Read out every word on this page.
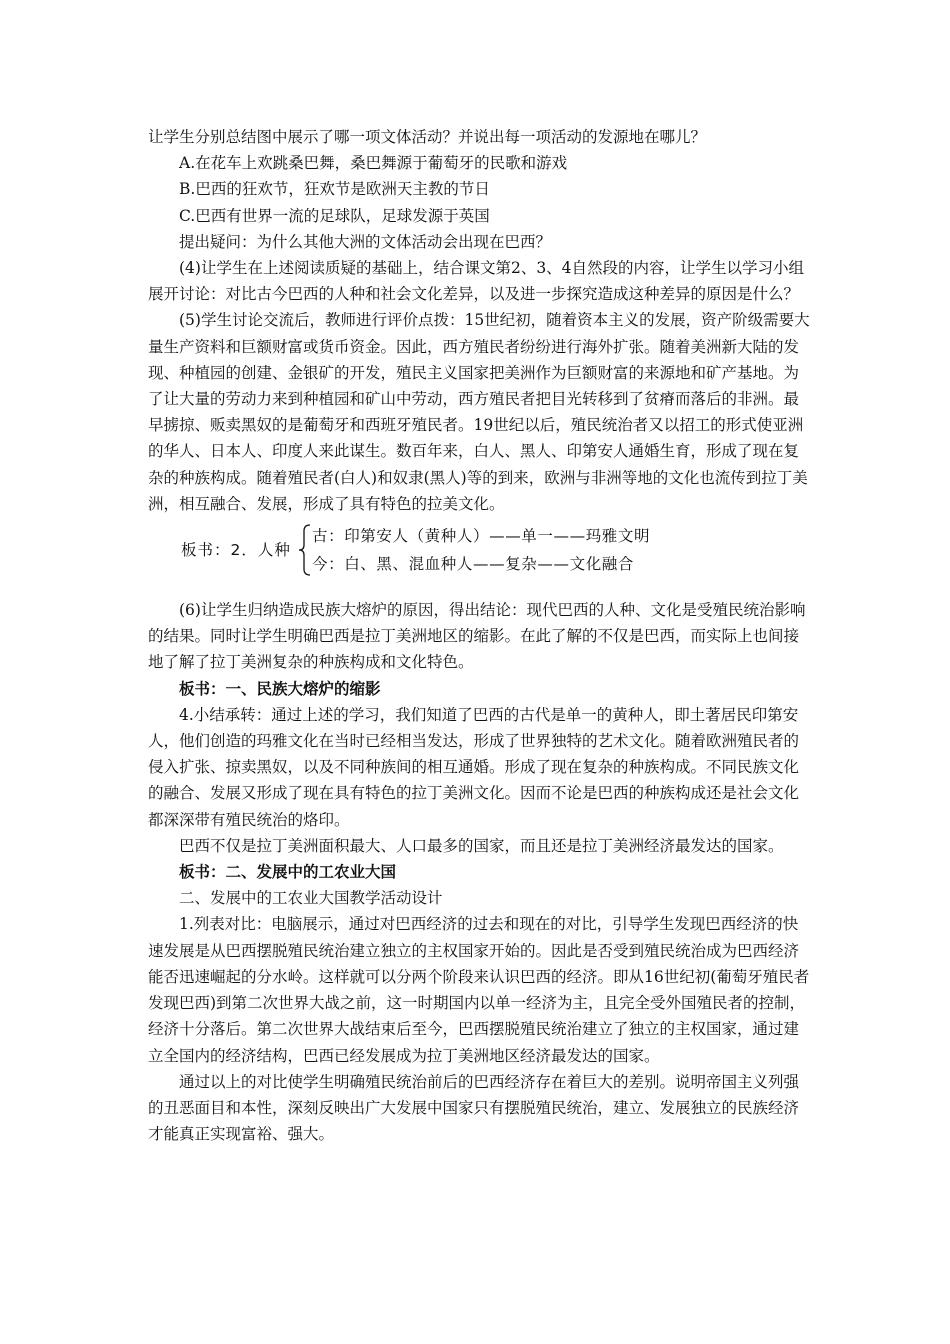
让学生分别总结图中展示了哪一项文体活动？并说出每一项活动的发源地在哪儿？

A.在花车上欢跳桑巴舞，桑巴舞源于葡萄牙的民歌和游戏

B.巴西的狂欢节，狂欢节是欧洲天主教的节日

C.巴西有世界一流的足球队，足球发源于英国

提出疑问：为什么其他大洲的文体活动会出现在巴西？

(4)让学生在上述阅读质疑的基础上，结合课文第2、3、4自然段的内容，让学生以学习小组展开讨论：对比古今巴西的人种和社会文化差异，以及进一步探究造成这种差异的原因是什么？

(5)学生讨论交流后，教师进行评价点拨：15世纪初，随着资本主义的发展，资产阶级需要大量生产资料和巨额财富或货币资金。因此，西方殖民者纷纷进行海外扩张。随着美洲新大陆的发现、种植园的创建、金银矿的开发，殖民主义国家把美洲作为巨额财富的来源地和矿产基地。为了让大量的劳动力来到种植园和矿山中劳动，西方殖民者把目光转移到了贫瘠而落后的非洲。最早掳掠、贩卖黑奴的是葡萄牙和西班牙殖民者。19世纪以后，殖民统治者又以招工的形式使亚洲的华人、日本人、印度人来此谋生。数百年来，白人、黑人、印第安人通婚生育，形成了现在复杂的种族构成。随着殖民者(白人)和奴隶(黑人)等的到来，欧洲与非洲等地的文化也流传到拉丁美洲，相互融合、发展，形成了具有特色的拉美文化。

板书：2．人种
古：印第安人（黄种人）——单一——玛雅文明
今：白、黑、混血种人——复杂——文化融合

(6)让学生归纳造成民族大熔炉的原因，得出结论：现代巴西的人种、文化是受殖民统治影响的结果。同时让学生明确巴西是拉丁美洲地区的缩影。在此了解的不仅是巴西，而实际上也间接地了解了拉丁美洲复杂的种族构成和文化特色。

板书：一、民族大熔炉的缩影

4.小结承转：通过上述的学习，我们知道了巴西的古代是单一的黄种人，即土著居民印第安人，他们创造的玛雅文化在当时已经相当发达，形成了世界独特的艺术文化。随着欧洲殖民者的侵入扩张、掠卖黑奴，以及不同种族间的相互通婚。形成了现在复杂的种族构成。不同民族文化的融合、发展又形成了现在具有特色的拉丁美洲文化。因而不论是巴西的种族构成还是社会文化都深深带有殖民统治的烙印。

巴西不仅是拉丁美洲面积最大、人口最多的国家，而且还是拉丁美洲经济最发达的国家。

板书：二、发展中的工农业大国

二、发展中的工农业大国教学活动设计

1.列表对比：电脑展示，通过对巴西经济的过去和现在的对比，引导学生发现巴西经济的快速发展是从巴西摆脱殖民统治建立独立的主权国家开始的。因此是否受到殖民统治成为巴西经济能否迅速崛起的分水岭。这样就可以分两个阶段来认识巴西的经济。即从16世纪初(葡萄牙殖民者发现巴西)到第二次世界大战之前，这一时期国内以单一经济为主，且完全受外国殖民者的控制，经济十分落后。第二次世界大战结束后至今，巴西摆脱殖民统治建立了独立的主权国家，通过建立全国内的经济结构，巴西已经发展成为拉丁美洲地区经济最发达的国家。

通过以上的对比使学生明确殖民统治前后的巴西经济存在着巨大的差别。说明帝国主义列强的丑恶面目和本性，深刻反映出广大发展中国家只有摆脱殖民统治，建立、发展独立的民族经济才能真正实现富裕、强大。
